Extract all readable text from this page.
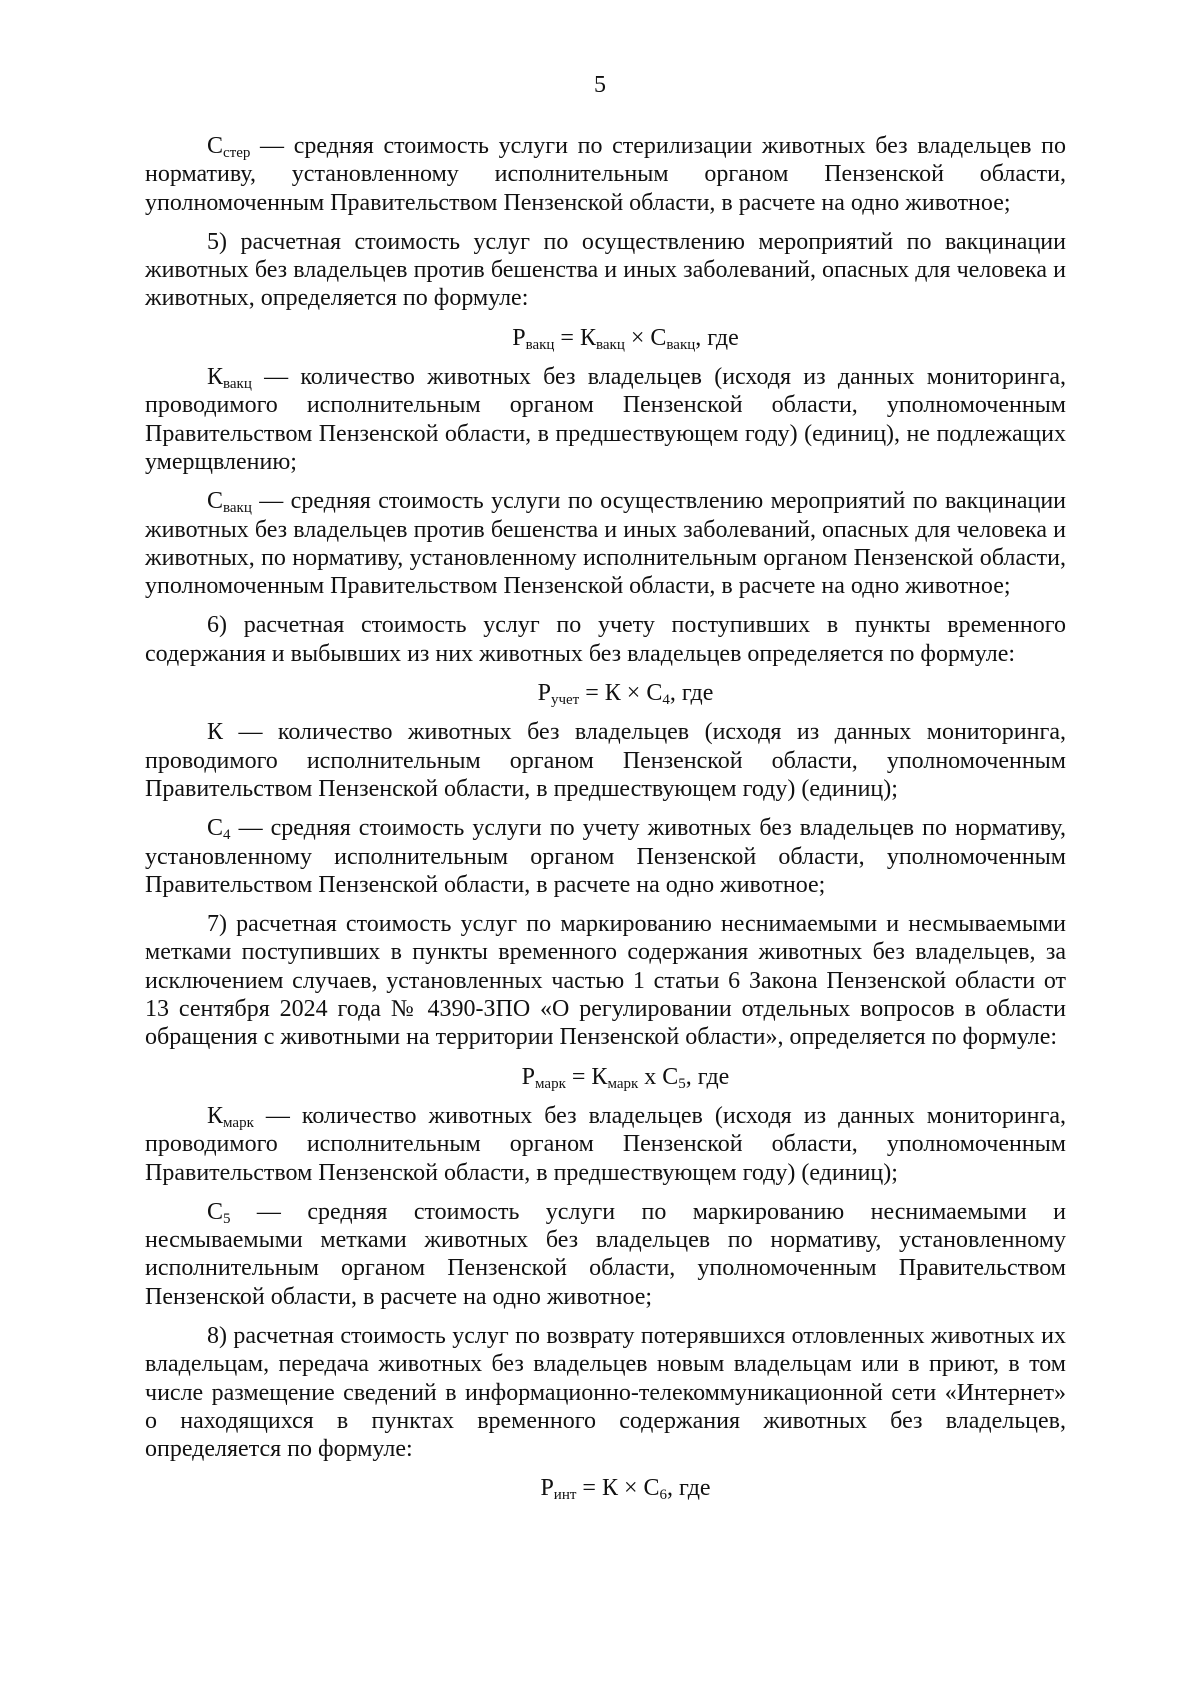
5

$С_{стер}$ — средняя стоимость услуги по стерилизации животных без владельцев по нормативу, установленному исполнительным органом Пензенской области, уполномоченным Правительством Пензенской области, в расчете на одно животное;

5) расчетная стоимость услуг по осуществлению мероприятий по вакцинации животных без владельцев против бешенства и иных заболеваний, опасных для человека и животных, определяется по формуле:

$Р_{вакц} = К_{вакц} \times С_{вакц}$, где

$К_{вакц}$ — количество животных без владельцев (исходя из данных мониторинга, проводимого исполнительным органом Пензенской области, уполномоченным Правительством Пензенской области, в предшествующем году) (единиц), не подлежащих умерщвлению;

$С_{вакц}$ — средняя стоимость услуги по осуществлению мероприятий по вакцинации животных без владельцев против бешенства и иных заболеваний, опасных для человека и животных, по нормативу, установленному исполнительным органом Пензенской области, уполномоченным Правительством Пензенской области, в расчете на одно животное;

6) расчетная стоимость услуг по учету поступивших в пункты временного содержания и выбывших из них животных без владельцев определяется по формуле:

$Р_{учет} = К \times С_4$, где

К — количество животных без владельцев (исходя из данных мониторинга, проводимого исполнительным органом Пензенской области, уполномоченным Правительством Пензенской области, в предшествующем году) (единиц);

$С_4$ — средняя стоимость услуги по учету животных без владельцев по нормативу, установленному исполнительным органом Пензенской области, уполномоченным Правительством Пензенской области, в расчете на одно животное;

7) расчетная стоимость услуг по маркированию неснимаемыми и несмываемыми метками поступивших в пункты временного содержания животных без владельцев, за исключением случаев, установленных частью 1 статьи 6 Закона Пензенской области от 13 сентября 2024 года № 4390-ЗПО «О регулировании отдельных вопросов в области обращения с животными на территории Пензенской области», определяется по формуле:

$Р_{марк} = К_{марк}$ х $С_5$, где

$К_{марк}$ — количество животных без владельцев (исходя из данных мониторинга, проводимого исполнительным органом Пензенской области, уполномоченным Правительством Пензенской области, в предшествующем году) (единиц);

$С_5$ — средняя стоимость услуги по маркированию неснимаемыми и несмываемыми метками животных без владельцев по нормативу, установленному исполнительным органом Пензенской области, уполномоченным Правительством Пензенской области, в расчете на одно животное;

8) расчетная стоимость услуг по возврату потерявшихся отловленных животных их владельцам, передача животных без владельцев новым владельцам или в приют, в том числе размещение сведений в информационно-телекоммуникационной сети «Интернет» о находящихся в пунктах временного содержания животных без владельцев, определяется по формуле:

$Р_{инт} = К \times С_6$, где
